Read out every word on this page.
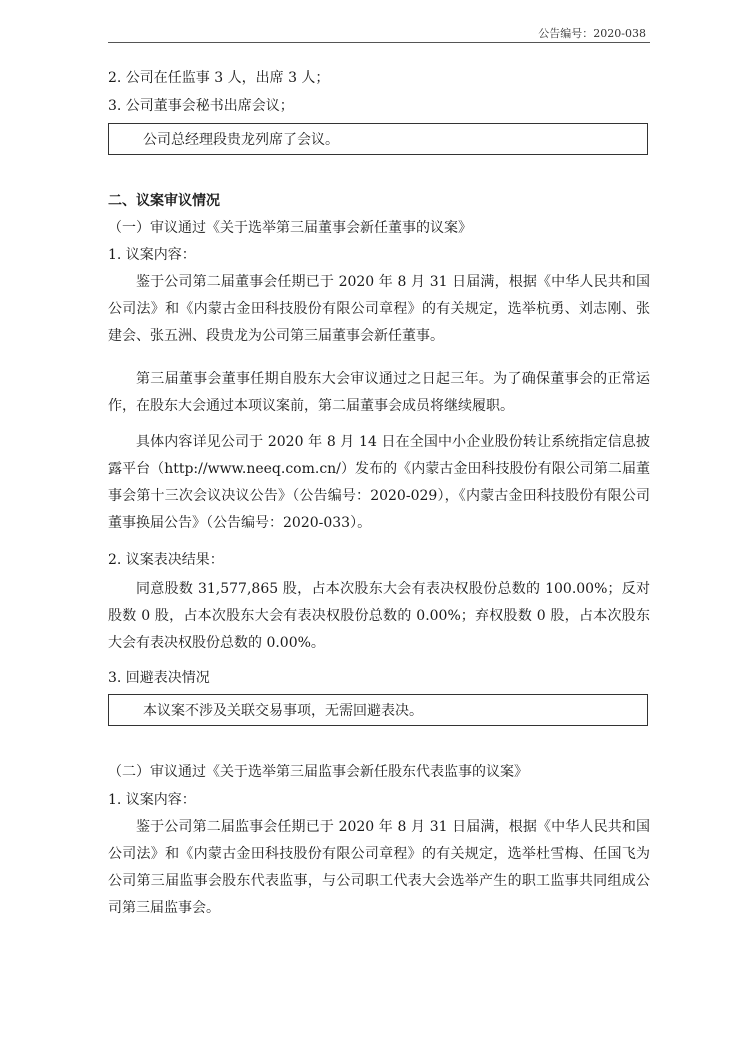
公告编号：2020-038
2. 公司在任监事 3 人，出席 3 人；
3. 公司董事会秘书出席会议；
公司总经理段贵龙列席了会议。
二、议案审议情况
（一）审议通过《关于选举第三届董事会新任董事的议案》
1. 议案内容：
鉴于公司第二届董事会任期已于 2020 年 8 月 31 日届满，根据《中华人民共和国公司法》和《内蒙古金田科技股份有限公司章程》的有关规定，选举杭勇、刘志刚、张建会、张五洲、段贵龙为公司第三届董事会新任董事。
第三届董事会董事任期自股东大会审议通过之日起三年。为了确保董事会的正常运作，在股东大会通过本项议案前，第二届董事会成员将继续履职。
具体内容详见公司于 2020 年 8 月 14 日在全国中小企业股份转让系统指定信息披露平台（http://www.neeq.com.cn/）发布的《内蒙古金田科技股份有限公司第二届董事会第十三次会议决议公告》（公告编号：2020-029），《内蒙古金田科技股份有限公司董事换届公告》（公告编号：2020-033）。
2. 议案表决结果：
同意股数 31,577,865 股，占本次股东大会有表决权股份总数的 100.00%；反对股数 0 股，占本次股东大会有表决权股份总数的 0.00%；弃权股数 0 股，占本次股东大会有表决权股份总数的 0.00%。
3. 回避表决情况
本议案不涉及关联交易事项，无需回避表决。
（二）审议通过《关于选举第三届监事会新任股东代表监事的议案》
1. 议案内容：
鉴于公司第二届监事会任期已于 2020 年 8 月 31 日届满，根据《中华人民共和国公司法》和《内蒙古金田科技股份有限公司章程》的有关规定，选举杜雪梅、任国飞为公司第三届监事会股东代表监事，与公司职工代表大会选举产生的职工监事共同组成公司第三届监事会。
